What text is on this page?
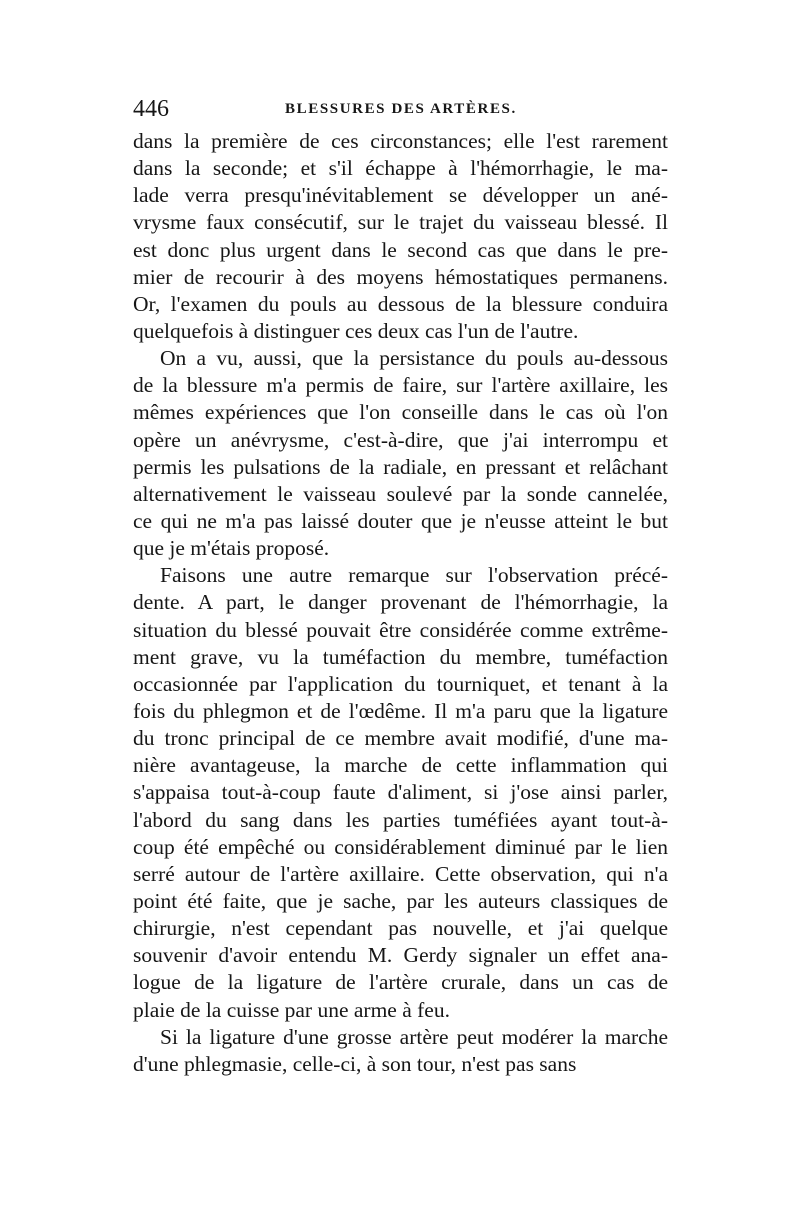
446	BLESSURES DES ARTÈRES.
dans la première de ces circonstances; elle l'est rarement
dans la seconde; et s'il échappe à l'hémorrhagie, le ma-
lade verra presqu'inévitablement se développer un ané-
vrysme faux consécutif, sur le trajet du vaisseau blessé. Il
est donc plus urgent dans le second cas que dans le pre-
mier de recourir à des moyens hémostatiques permanens.
Or, l'examen du pouls au dessous de la blessure conduira
quelquefois à distinguer ces deux cas l'un de l'autre.
On a vu, aussi, que la persistance du pouls au-dessous
de la blessure m'a permis de faire, sur l'artère axillaire, les
mêmes expériences que l'on conseille dans le cas où l'on
opère un anévrysme, c'est-à-dire, que j'ai interrompu et
permis les pulsations de la radiale, en pressant et relâchant
alternativement le vaisseau soulevé par la sonde cannelée,
ce qui ne m'a pas laissé douter que je n'eusse atteint le but
que je m'étais proposé.
Faisons une autre remarque sur l'observation précé-
dente. A part, le danger provenant de l'hémorrhagie, la
situation du blessé pouvait être considérée comme extrême-
ment grave, vu la tuméfaction du membre, tuméfaction
occasionnée par l'application du tourniquet, et tenant à la
fois du phlegmon et de l'œdême. Il m'a paru que la ligature
du tronc principal de ce membre avait modifié, d'une ma-
nière avantageuse, la marche de cette inflammation qui
s'appaisa tout-à-coup faute d'aliment, si j'ose ainsi parler,
l'abord du sang dans les parties tuméfiées ayant tout-à-
coup été empêché ou considérablement diminué par le lien
serré autour de l'artère axillaire. Cette observation, qui n'a
point été faite, que je sache, par les auteurs classiques de
chirurgie, n'est cependant pas nouvelle, et j'ai quelque
souvenir d'avoir entendu M. Gerdy signaler un effet ana-
logue de la ligature de l'artère crurale, dans un cas de
plaie de la cuisse par une arme à feu.
Si la ligature d'une grosse artère peut modérer la marche
d'une phlegmasie, celle-ci, à son tour, n'est pas sans
